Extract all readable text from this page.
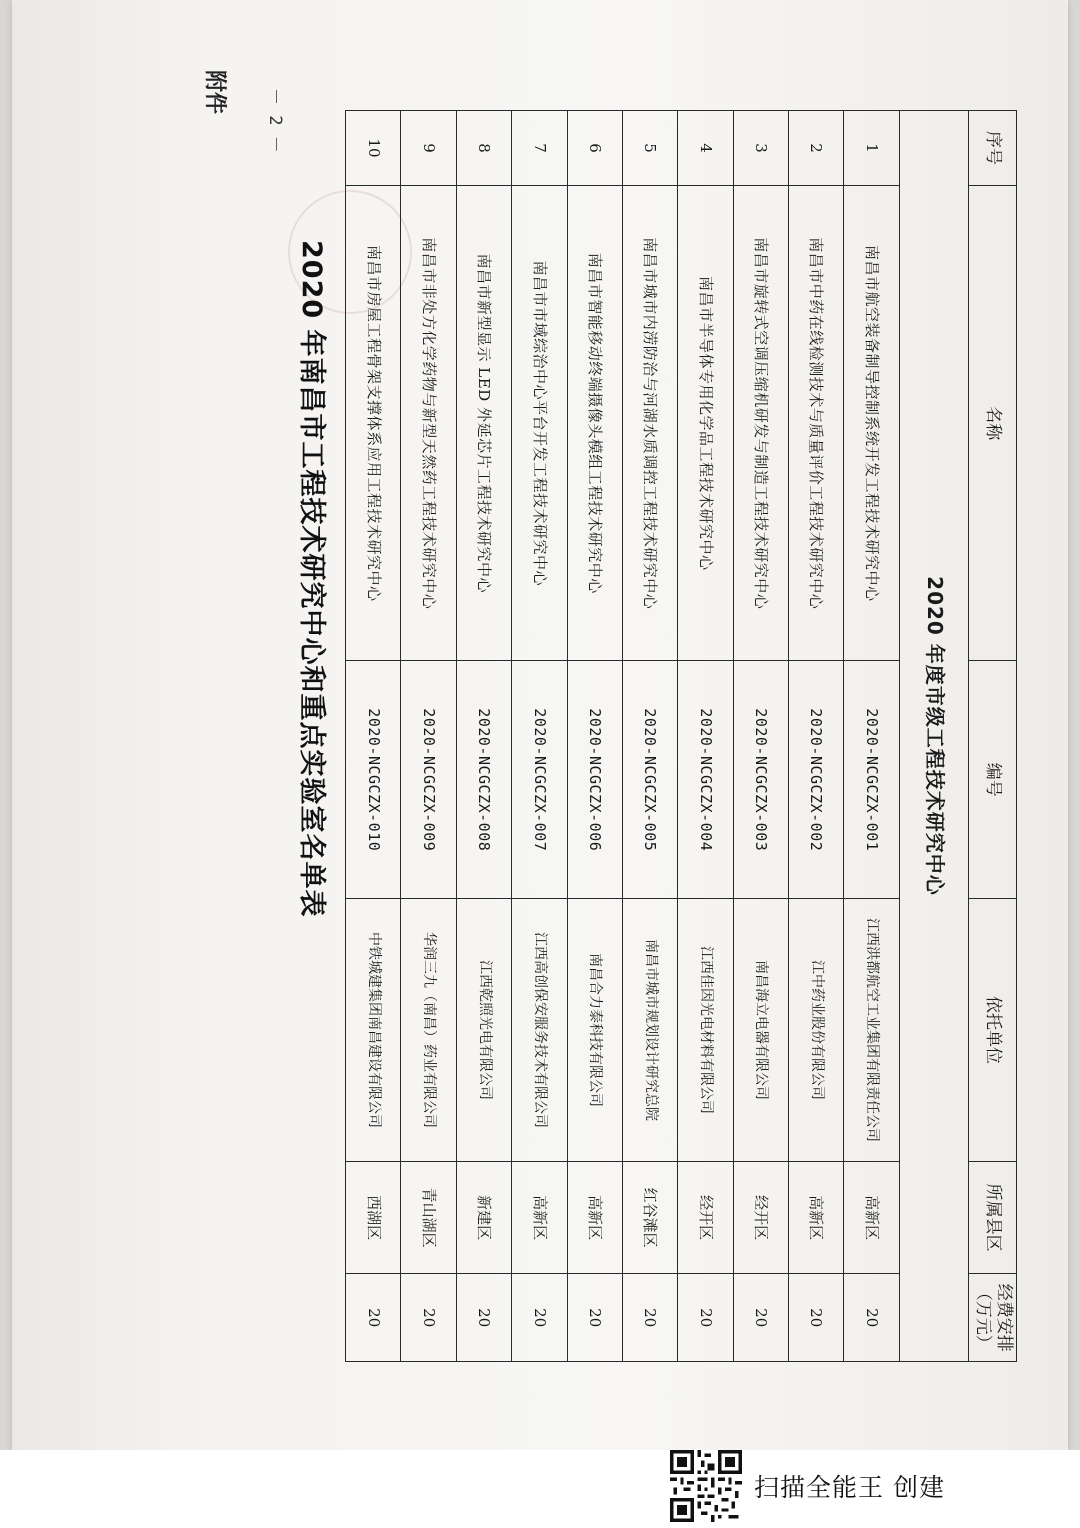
序号	名称	编号	依托单位	所属县区	经费安排（万元）
2020 年度市级工程技术研究中心					
1	南昌市航空装备制导控制系统开发工程技术研究中心	2020-NCGCZX-001	江西洪都航空工业集团有限责任公司	高新区	20
2	南昌市中药在线检测技术与质量评价工程技术研究中心	2020-NCGCZX-002	江中药业股份有限公司	高新区	20
3	南昌市旋转式空调压缩机研发与制造工程技术研究中心	2020-NCGCZX-003	南昌海立电器有限公司	经开区	20
4	南昌市半导体专用化学品工程技术研究中心	2020-NCGCZX-004	江西佳因光电材料有限公司	经开区	20
5	南昌市城市内涝防治与河湖水质调控工程技术研究中心	2020-NCGCZX-005	南昌市城市规划设计研究总院	红谷滩区	20
6	南昌市智能移动终端摄像头模组工程技术研究中心	2020-NCGCZX-006	南昌合力泰科技有限公司	高新区	20
7	南昌市市域综治中心平台开发工程技术研究中心	2020-NCGCZX-007	江西高创保安服务技术有限公司	高新区	20
8	南昌市新型显示 LED 外延芯片工程技术研究中心	2020-NCGCZX-008	江西乾照光电有限公司	新建区	20
9	南昌市非处方化学药物与新型天然药工程技术研究中心	2020-NCGCZX-009	华润三九（南昌）药业有限公司	青山湖区	20
10	南昌市房屋工程骨架支撑体系应用工程技术研究中心	2020-NCGCZX-010	中铁城建集团南昌建设有限公司	西湖区	20
2020 年南昌市工程技术研究中心和重点实验室名单表
附件 － 2 －
扫描全能王 创建
